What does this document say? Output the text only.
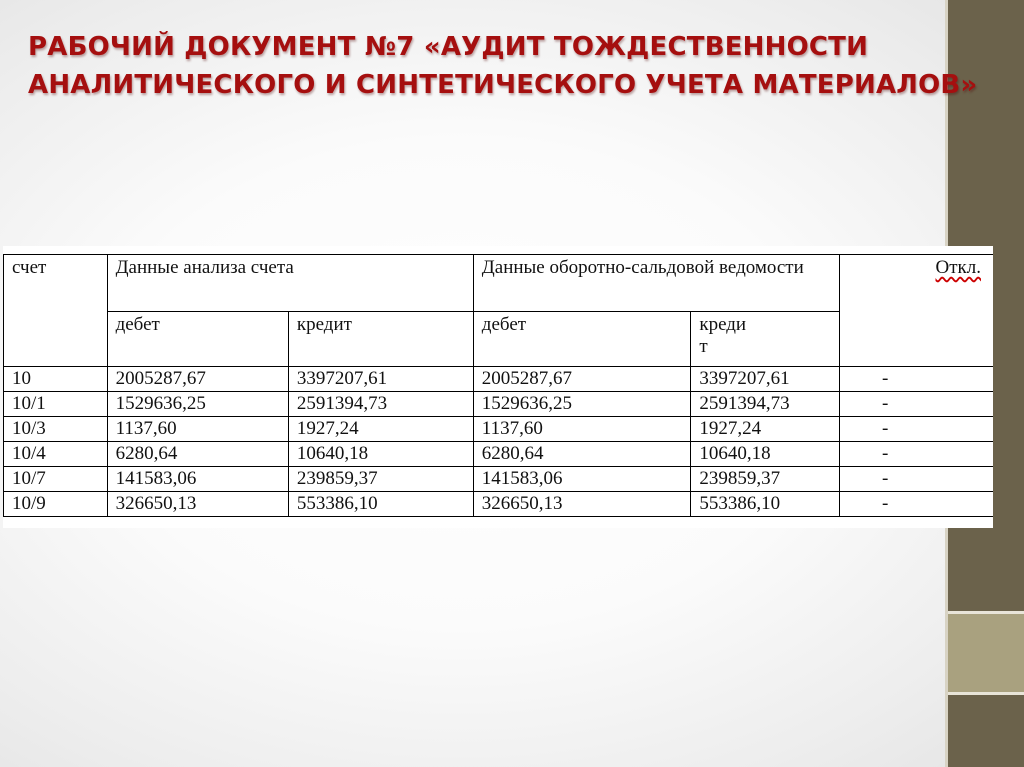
РАБОЧИЙ ДОКУМЕНТ №7 «АУДИТ ТОЖДЕСТВЕННОСТИ АНАЛИТИЧЕСКОГО И СИНТЕТИЧЕСКОГО УЧЕТА МАТЕРИАЛОВ»
счет	Данные анализа счета		Данные оборотно-сальдовой ведомости		Откл.
	дебет	кредит	дебет	креди
т	
10	2005287,67	3397207,61	2005287,67	3397207,61	-
10/1	1529636,25	2591394,73	1529636,25	2591394,73	-
10/3	1137,60	1927,24	1137,60	1927,24	-
10/4	6280,64	10640,18	6280,64	10640,18	-
10/7	141583,06	239859,37	141583,06	239859,37	-
10/9	326650,13	553386,10	326650,13	553386,10	-
